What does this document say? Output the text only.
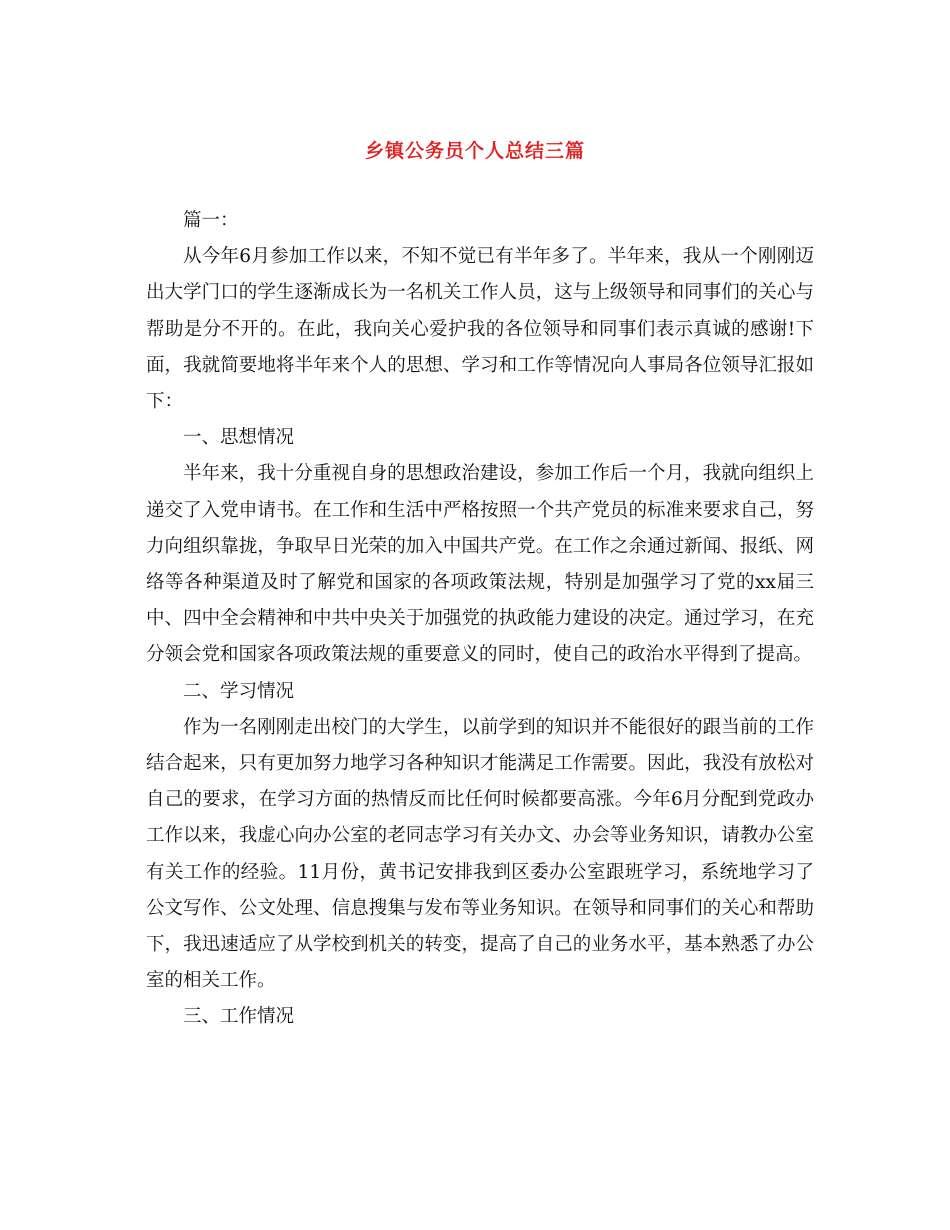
乡镇公务员个人总结三篇

篇一：

从今年6月参加工作以来，不知不觉已有半年多了。半年来，我从一个刚刚迈出大学门口的学生逐渐成长为一名机关工作人员，这与上级领导和同事们的关心与帮助是分不开的。在此，我向关心爱护我的各位领导和同事们表示真诚的感谢!下面，我就简要地将半年来个人的思想、学习和工作等情况向人事局各位领导汇报如下：

一、思想情况

半年来，我十分重视自身的思想政治建设，参加工作后一个月，我就向组织上递交了入党申请书。在工作和生活中严格按照一个共产党员的标准来要求自己，努力向组织靠拢，争取早日光荣的加入中国共产党。在工作之余通过新闻、报纸、网络等各种渠道及时了解党和国家的各项政策法规，特别是加强学习了党的xx届三中、四中全会精神和中共中央关于加强党的执政能力建设的决定。通过学习，在充分领会党和国家各项政策法规的重要意义的同时，使自己的政治水平得到了提高。

二、学习情况

作为一名刚刚走出校门的大学生，以前学到的知识并不能很好的跟当前的工作结合起来，只有更加努力地学习各种知识才能满足工作需要。因此，我没有放松对自己的要求，在学习方面的热情反而比任何时候都要高涨。今年6月分配到党政办工作以来，我虚心向办公室的老同志学习有关办文、办会等业务知识，请教办公室有关工作的经验。11月份，黄书记安排我到区委办公室跟班学习，系统地学习了公文写作、公文处理、信息搜集与发布等业务知识。在领导和同事们的关心和帮助下，我迅速适应了从学校到机关的转变，提高了自己的业务水平，基本熟悉了办公室的相关工作。

三、工作情况
